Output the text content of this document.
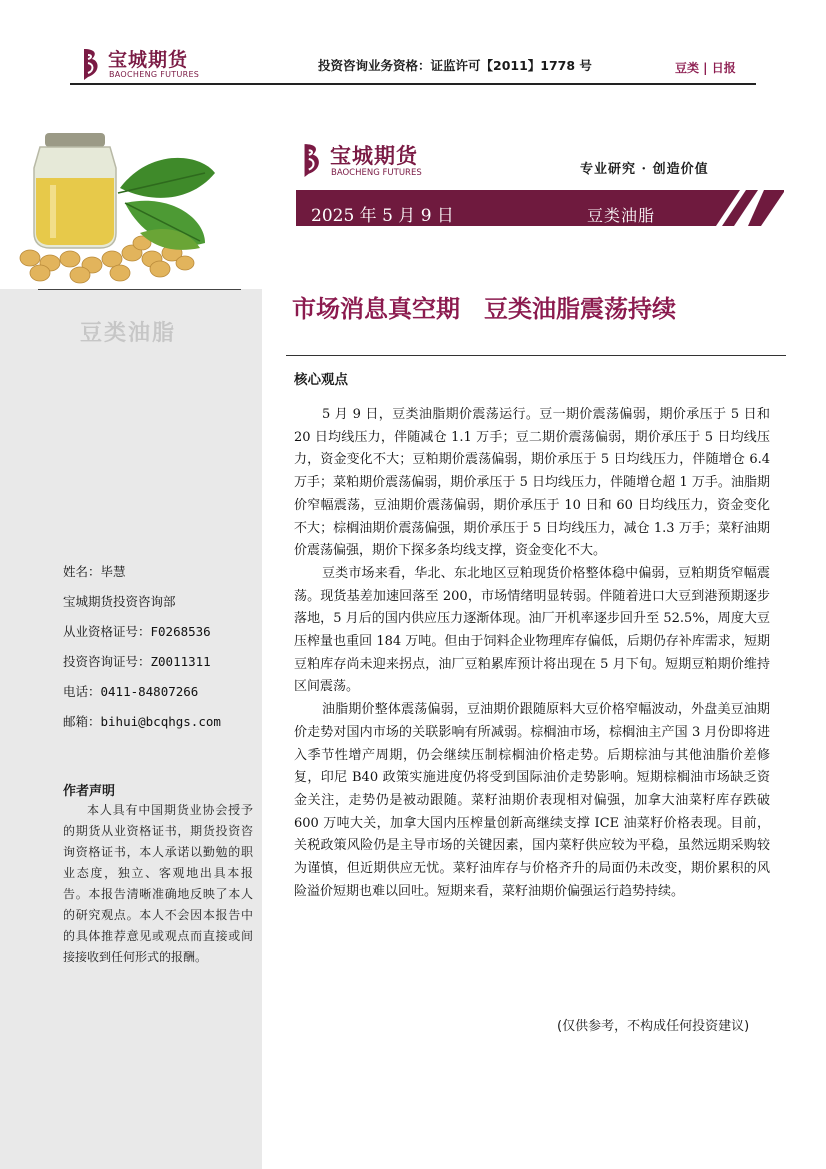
宝城期货
BAOCHENG FUTURES
投资咨询业务资格：证监许可【2011】1778 号	豆类 | 日报
豆类油脂
姓名：毕慧
宝城期货投资咨询部
从业资格证号：F0268536
投资咨询证号：Z0011311
电话：0411-84807266
邮箱：bihui@bcqhgs.com
作者声明
本人具有中国期货业协会授予的期货从业资格证书，期货投资咨询资格证书，本人承诺以勤勉的职业态度，独立、客观地出具本报告。本报告清晰准确地反映了本人的研究观点。本人不会因本报告中的具体推荐意见或观点而直接或间接接收到任何形式的报酬。
宝城期货
BAOCHENG FUTURES	专业研究 · 创造价值
2025 年 5 月 9 日	豆类油脂
市场消息真空期 豆类油脂震荡持续
核心观点

5 月 9 日，豆类油脂期价震荡运行。豆一期价震荡偏弱，期价承压于 5 日和 20 日均线压力，伴随减仓 1.1 万手；豆二期价震荡偏弱，期价承压于 5 日均线压力，资金变化不大；豆粕期价震荡偏弱，期价承压于 5 日均线压力，伴随增仓 6.4 万手；菜粕期价震荡偏弱，期价承压于 5 日均线压力，伴随增仓超 1 万手。油脂期价窄幅震荡，豆油期价震荡偏弱，期价承压于 10 日和 60 日均线压力，资金变化不大；棕榈油期价震荡偏强，期价承压于 5 日均线压力，减仓 1.3 万手；菜籽油期价震荡偏强，期价下探多条均线支撑，资金变化不大。

豆类市场来看，华北、东北地区豆粕现货价格整体稳中偏弱，豆粕期货窄幅震荡。现货基差加速回落至 200，市场情绪明显转弱。伴随着进口大豆到港预期逐步落地，5 月后的国内供应压力逐渐体现。油厂开机率逐步回升至 52.5%，周度大豆压榨量也重回 184 万吨。但由于饲料企业物理库存偏低，后期仍存补库需求，短期豆粕库存尚未迎来拐点，油厂豆粕累库预计将出现在 5 月下旬。短期豆粕期价维持区间震荡。

油脂期价整体震荡偏弱，豆油期价跟随原料大豆价格窄幅波动，外盘美豆油期价走势对国内市场的关联影响有所减弱。棕榈油市场，棕榈油主产国 3 月份即将进入季节性增产周期，仍会继续压制棕榈油价格走势。后期棕油与其他油脂价差修复，印尼 B40 政策实施进度仍将受到国际油价走势影响。短期棕榈油市场缺乏资金关注，走势仍是被动跟随。菜籽油期价表现相对偏强，加拿大油菜籽库存跌破 600 万吨大关，加拿大国内压榨量创新高继续支撑 ICE 油菜籽价格表现。目前，关税政策风险仍是主导市场的关键因素，国内菜籽供应较为平稳，虽然远期采购较为谨慎，但近期供应无忧。菜籽油库存与价格齐升的局面仍未改变，期价累积的风险溢价短期也难以回吐。短期来看，菜籽油期价偏强运行趋势持续。

(仅供参考，不构成任何投资建议)
